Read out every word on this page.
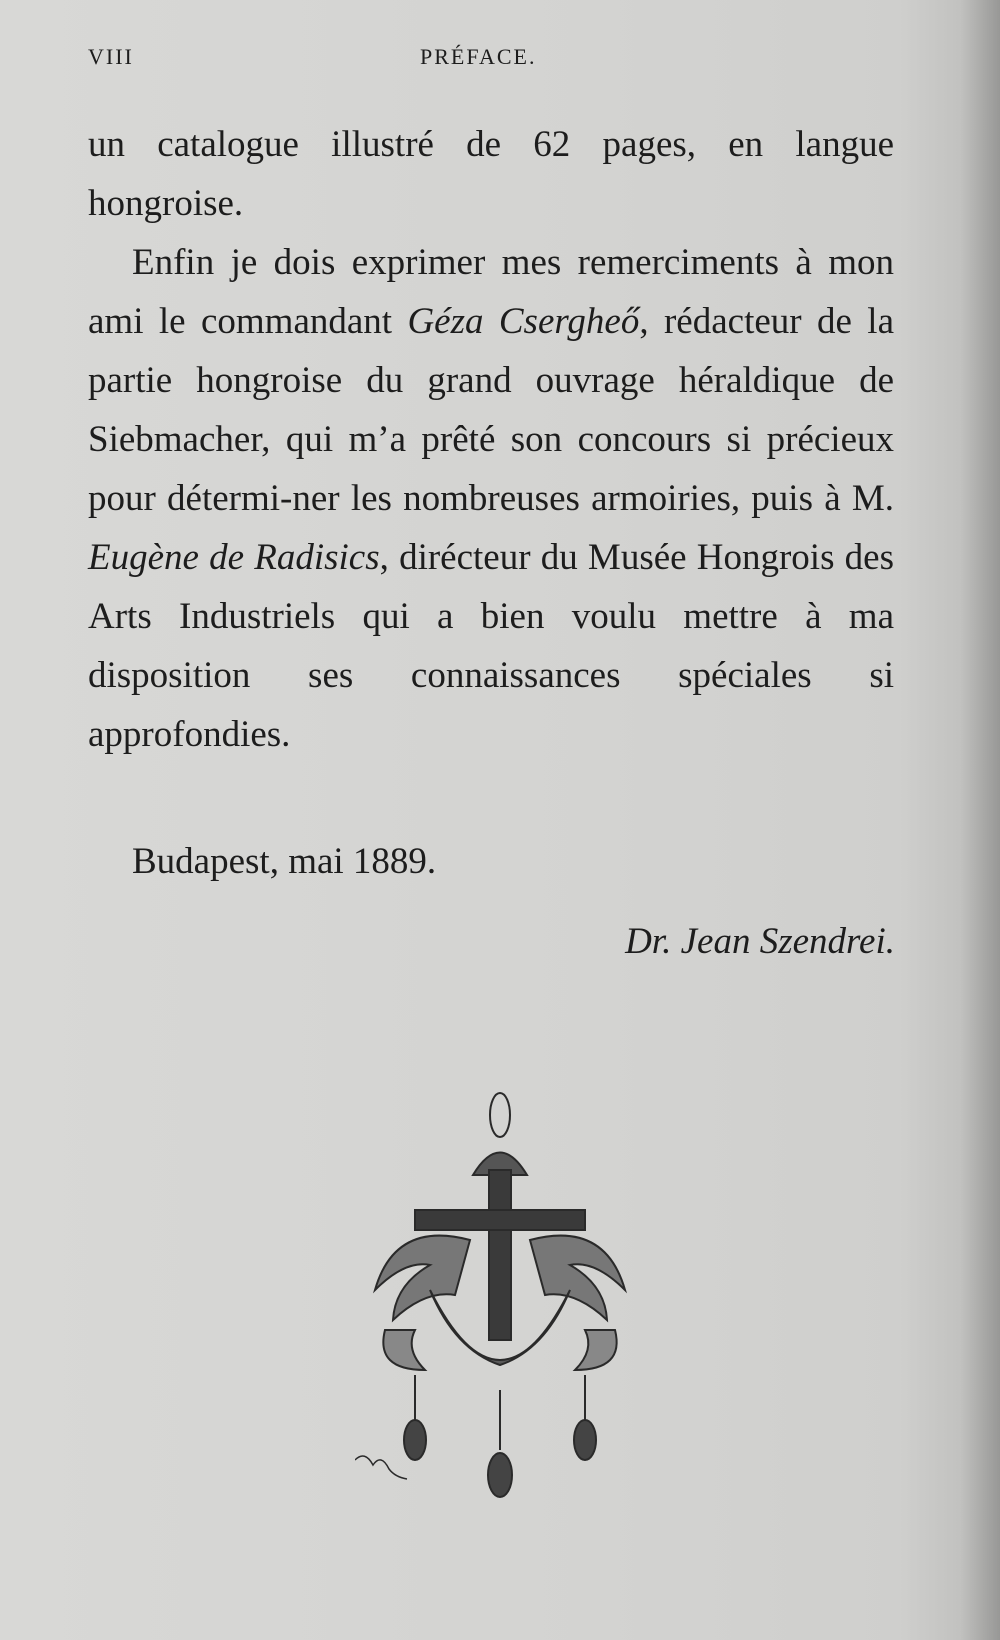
VIII	PRÉFACE.

un catalogue illustré de 62 pages, en langue hongroise.

Enfin je dois exprimer mes remerciments à mon ami le commandant Géza Csergheő, rédacteur de la partie hongroise du grand ouvrage héraldique de Siebmacher, qui m’a prêté son concours si précieux pour détermi-ner les nombreuses armoiries, puis à M. Eugène de Radisics, dirécteur du Musée Hongrois des Arts Industriels qui a bien voulu mettre à ma disposition ses connaissances spéciales si approfondies.

Budapest, mai 1889.
Dr. Jean Szendrei.
